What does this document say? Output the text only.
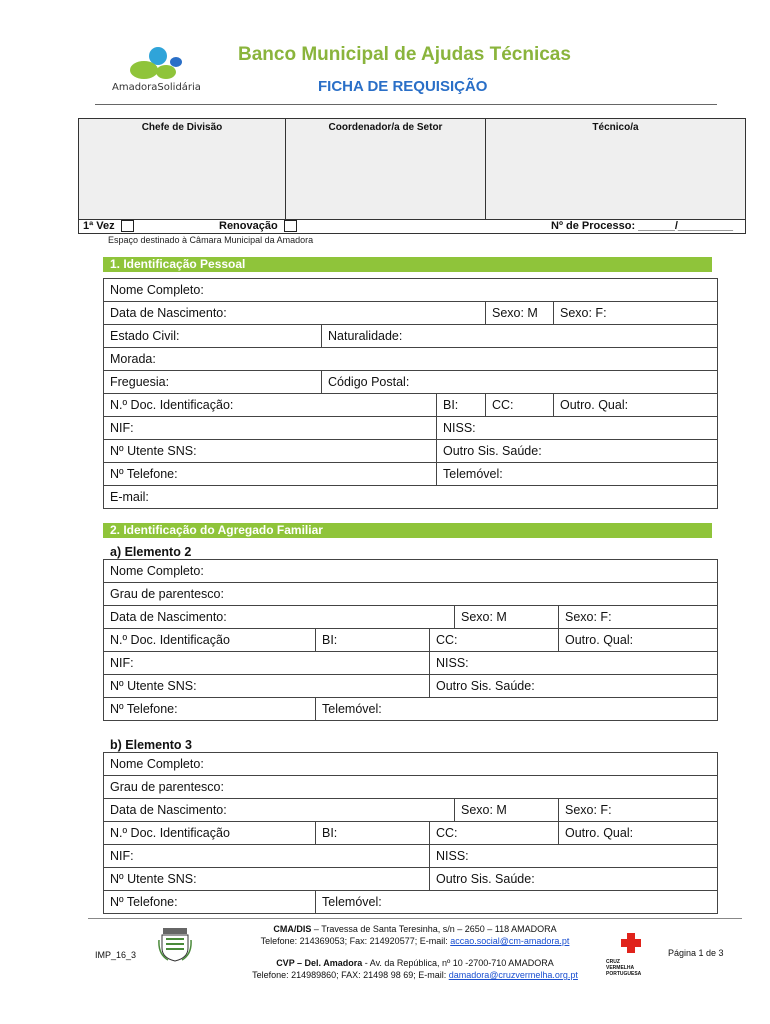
AmadoraSolidária
Banco Municipal de Ajudas Técnicas
FICHA DE REQUISIÇÃO
Chefe de Divisão	Coordenador/a de Setor	Técnico/a
1ª Vez	Renovação	Nº de Processo: ______/_________
Espaço destinado à Câmara Municipal da Amadora
1. Identificação Pessoal
Nome Completo:				
Data de Nascimento:			Sexo: M	Sexo: F:
Estado Civil:	Naturalidade:			
Morada:				
Freguesia:	Código Postal:			
N.º Doc. Identificação:		BI:	CC:	Outro. Qual:
NIF:		NISS:		
Nº Utente SNS:		Outro Sis. Saúde:		
Nº Telefone:		Telemóvel:		
E-mail:				
2. Identificação do Agregado Familiar
a) Elemento 2
Nome Completo:				
Grau de parentesco:				
Data de Nascimento:			Sexo: M	Sexo: F:
N.º Doc. Identificação	BI:	CC:		Outro. Qual:
NIF:		NISS:		
Nº Utente SNS:		Outro Sis. Saúde:		
Nº Telefone:	Telemóvel:			
b) Elemento 3
Nome Completo:				
Grau de parentesco:				
Data de Nascimento:			Sexo: M	Sexo: F:
N.º Doc. Identificação	BI:	CC:		Outro. Qual:
NIF:		NISS:		
Nº Utente SNS:		Outro Sis. Saúde:		
Nº Telefone:	Telemóvel:			
IMP_16_3
CMA/DIS – Travessa de Santa Teresinha, s/n – 2650 – 118 AMADORA
Telefone: 214369053; Fax: 214920577; E-mail: accao.social@cm-amadora.pt
CVP – Del. Amadora - Av. da República, nº 10 -2700-710 AMADORA
Telefone: 214989860; FAX: 21498 98 69; E-mail: damadora@cruzvermelha.org.pt
CRUZ VERMELHA PORTUGUESA
Página 1 de 3
